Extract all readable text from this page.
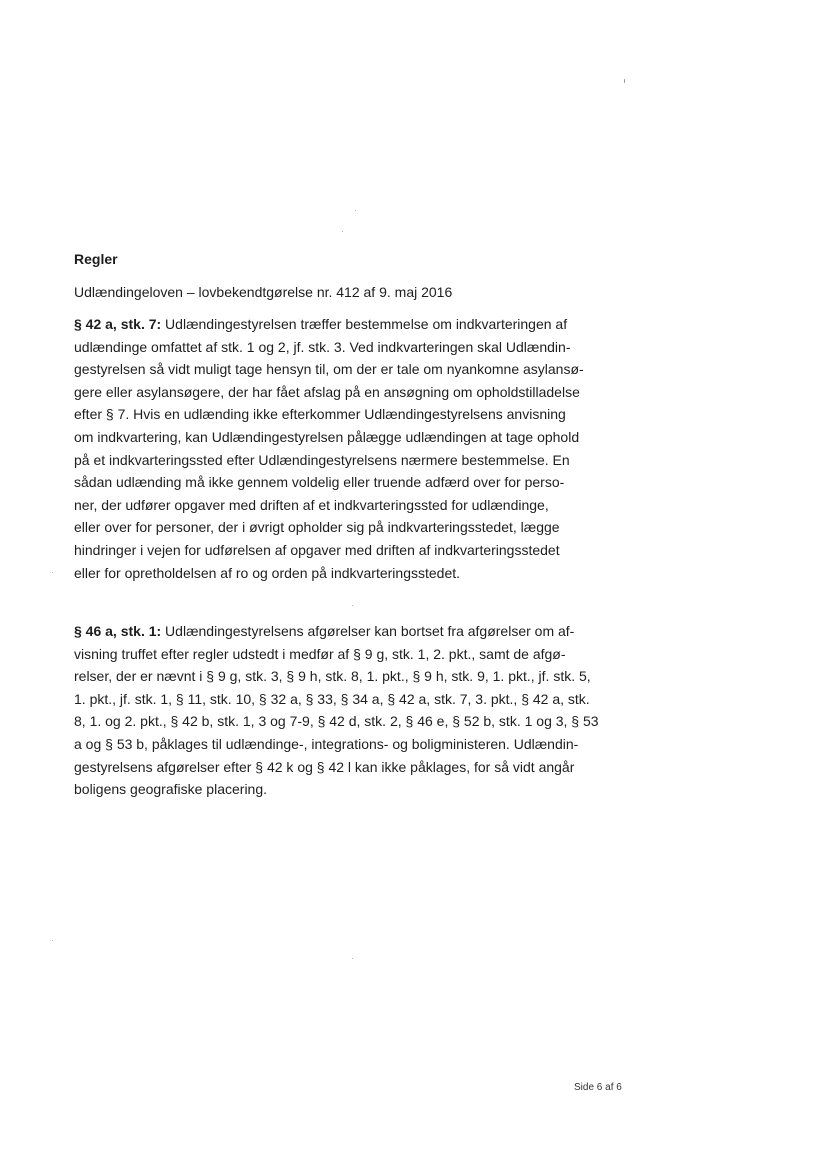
Regler

Udlændingeloven – lovbekendtgørelse nr. 412 af 9. maj 2016

§ 42 a, stk. 7: Udlændingestyrelsen træffer bestemmelse om indkvarteringen af
udlændinge omfattet af stk. 1 og 2, jf. stk. 3. Ved indkvarteringen skal Udlændin-
gestyrelsen så vidt muligt tage hensyn til, om der er tale om nyankomne asylansø-
gere eller asylansøgere, der har fået afslag på en ansøgning om opholdstilladelse
efter § 7. Hvis en udlænding ikke efterkommer Udlændingestyrelsens anvisning
om indkvartering, kan Udlændingestyrelsen pålægge udlændingen at tage ophold
på et indkvarteringssted efter Udlændingestyrelsens nærmere bestemmelse. En
sådan udlænding må ikke gennem voldelig eller truende adfærd over for perso-
ner, der udfører opgaver med driften af et indkvarteringssted for udlændinge,
eller over for personer, der i øvrigt opholder sig på indkvarteringsstedet, lægge
hindringer i vejen for udførelsen af opgaver med driften af indkvarteringsstedet
eller for opretholdelsen af ro og orden på indkvarteringsstedet.
§ 46 a, stk. 1: Udlændingestyrelsens afgørelser kan bortset fra afgørelser om af-
visning truffet efter regler udstedt i medfør af § 9 g, stk. 1, 2. pkt., samt de afgø-
relser, der er nævnt i § 9 g, stk. 3, § 9 h, stk. 8, 1. pkt., § 9 h, stk. 9, 1. pkt., jf. stk. 5,
1. pkt., jf. stk. 1, § 11, stk. 10, § 32 a, § 33, § 34 a, § 42 a, stk. 7, 3. pkt., § 42 a, stk.
8, 1. og 2. pkt., § 42 b, stk. 1, 3 og 7-9, § 42 d, stk. 2, § 46 e, § 52 b, stk. 1 og 3, § 53
a og § 53 b, påklages til udlændinge-, integrations- og boligministeren. Udlændin-
gestyrelsens afgørelser efter § 42 k og § 42 l kan ikke påklages, for så vidt angår
boligens geografiske placering.

Side 6 af 6
